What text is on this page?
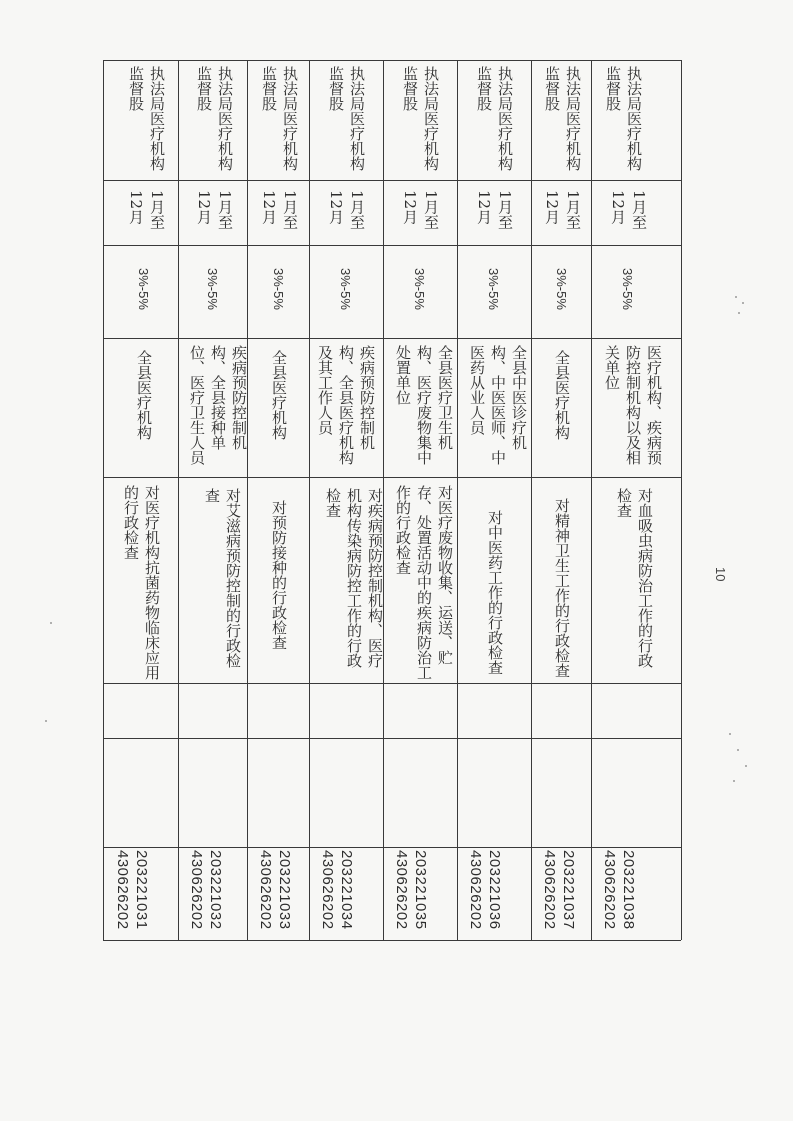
430626202 203221031
对医疗机构抗菌药物临床应用的行政检查
全县医疗机构
3%-5%
1月至12月
执法局医疗机构监督股
430626202 203221032
对艾滋病预防控制的行政检查
疾病预防控制机构、全县接种单位、医疗卫生人员
3%-5%
1月至12月
执法局医疗机构监督股
430626202 203221033
对预防接种的行政检查
全县医疗机构
3%-5%
1月至12月
执法局医疗机构监督股
430626202 203221034
对疾病预防控制机构、医疗机构传染病防控工作的行政检查
疾病预防控制机构、全县医疗机构及其工作人员
3%-5%
1月至12月
执法局医疗机构监督股
430626202 203221035
对医疗废物收集、运送、贮存、处置活动中的疾病防治工作的行政检查
全县医疗卫生机构、医疗废物集中处置单位
3%-5%
1月至12月
执法局医疗机构监督股
430626202 203221036
对中医药工作的行政检查
全县中医诊疗机构、中医医师、中医药从业人员
3%-5%
1月至12月
执法局医疗机构监督股
430626202 203221037
对精神卫生工作的行政检查
全县医疗机构
3%-5%
1月至12月
执法局医疗机构监督股
430626202 203221038
对血吸虫病防治工作的行政检查
医疗机构、疾病预防控制机构以及相关单位
3%-5%
1月至12月
执法局医疗机构监督股
10
